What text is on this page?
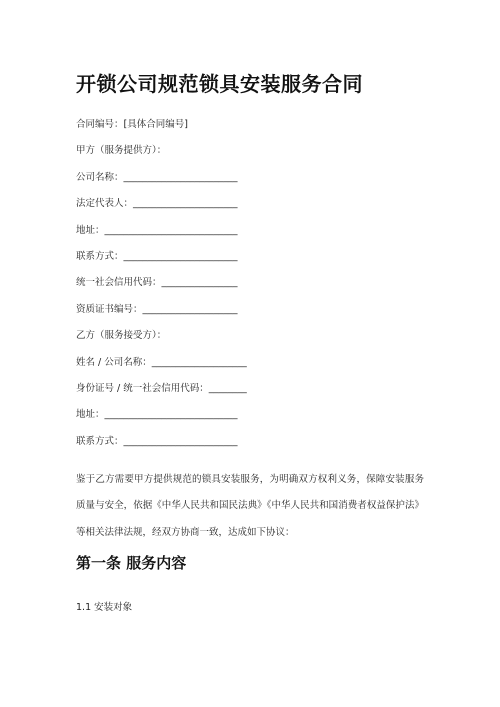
开锁公司规范锁具安装服务合同

合同编号：[具体合同编号]

甲方（服务提供方）：

公司名称：________________________

法定代表人：______________________

地址：____________________________

联系方式：________________________

统一社会信用代码：________________

资质证书编号：____________________

乙方（服务接受方）：

姓名 / 公司名称：____________________

身份证号 / 统一社会信用代码：________

地址：____________________________

联系方式：________________________

鉴于乙方需要甲方提供规范的锁具安装服务，为明确双方权利义务，保障安装服务质量与安全，依据《中华人民共和国民法典》《中华人民共和国消费者权益保护法》等相关法律法规，经双方协商一致，达成如下协议：

第一条 服务内容
1.1 安装对象
